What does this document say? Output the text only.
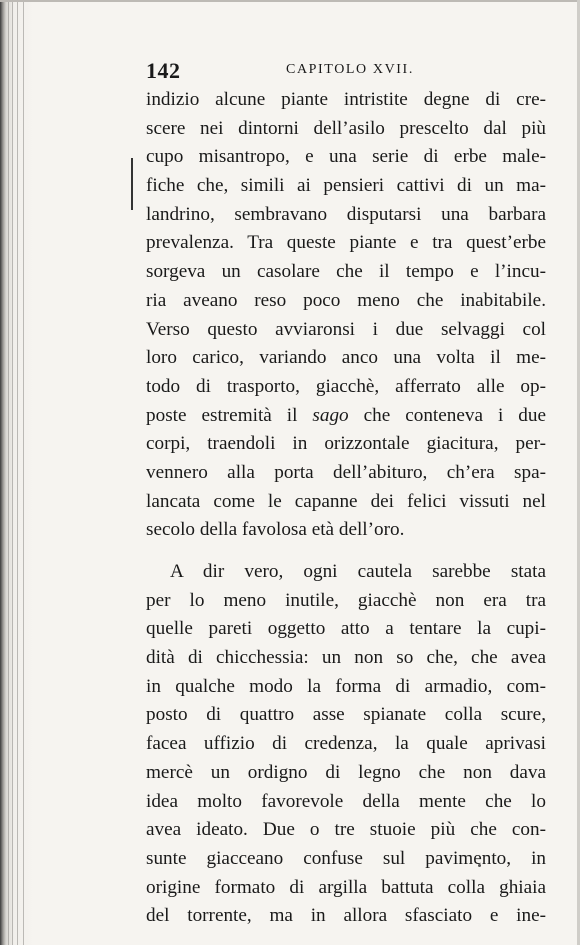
142	CAPITOLO XVII.
indizio alcune piante intristite degne di cre-
scere nei dintorni dell’asilo prescelto dal più
cupo misantropo, e una serie di erbe male-
fiche che, simili ai pensieri cattivi di un ma-
landrino, sembravano disputarsi una barbara
prevalenza. Tra queste piante e tra quest’erbe
sorgeva un casolare che il tempo e l’incu-
ria aveano reso poco meno che inabitabile.
Verso questo avviaronsi i due selvaggi col
loro carico, variando anco una volta il me-
todo di trasporto, giacchè, afferrato alle op-
poste estremità il sago che conteneva i due
corpi, traendoli in orizzontale giacitura, per-
vennero alla porta dell’abituro, ch’era spa-
lancata come le capanne dei felici vissuti nel
secolo della favolosa età dell’oro.
A dir vero, ogni cautela sarebbe stata
per lo meno inutile, giacchè non era tra
quelle pareti oggetto atto a tentare la cupi-
dità di chicchessia: un non so che, che avea
in qualche modo la forma di armadio, com-
posto di quattro asse spianate colla scure,
facea uffizio di credenza, la quale aprivasi
mercè un ordigno di legno che non dava
idea molto favorevole della mente che lo
avea ideato. Due o tre stuoie più che con-
sunte giacceano confuse sul pavimento, in
origine formato di argilla battuta colla ghiaia
del torrente, ma in allora sfasciato e ine-
